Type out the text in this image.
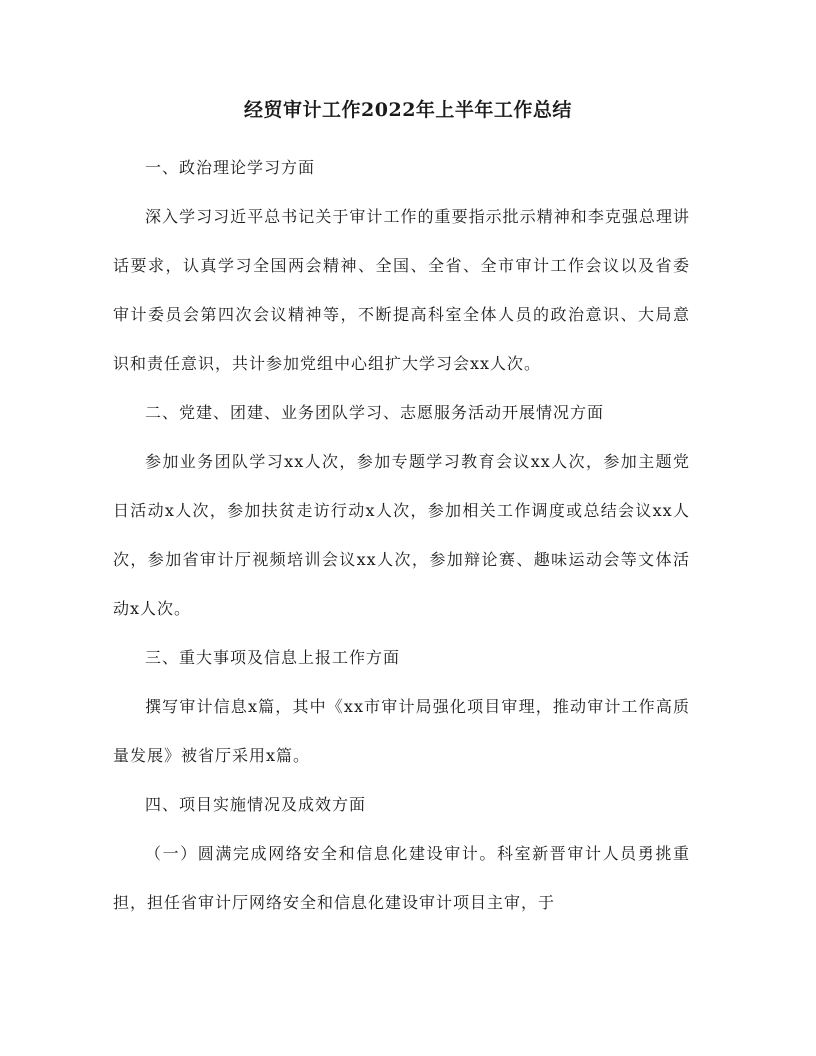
经贸审计工作2022年上半年工作总结

一、政治理论学习方面

深入学习习近平总书记关于审计工作的重要指示批示精神和李克强总理讲话要求，认真学习全国两会精神、全国、全省、全市审计工作会议以及省委审计委员会第四次会议精神等，不断提高科室全体人员的政治意识、大局意识和责任意识，共计参加党组中心组扩大学习会xx人次。

二、党建、团建、业务团队学习、志愿服务活动开展情况方面

参加业务团队学习xx人次，参加专题学习教育会议xx人次，参加主题党日活动x人次，参加扶贫走访行动x人次，参加相关工作调度或总结会议xx人次，参加省审计厅视频培训会议xx人次，参加辩论赛、趣味运动会等文体活动x人次。

三、重大事项及信息上报工作方面

撰写审计信息x篇，其中《xx市审计局强化项目审理，推动审计工作高质量发展》被省厅采用x篇。

四、项目实施情况及成效方面

（一）圆满完成网络安全和信息化建设审计。科室新晋审计人员勇挑重担，担任省审计厅网络安全和信息化建设审计项目主审，于
